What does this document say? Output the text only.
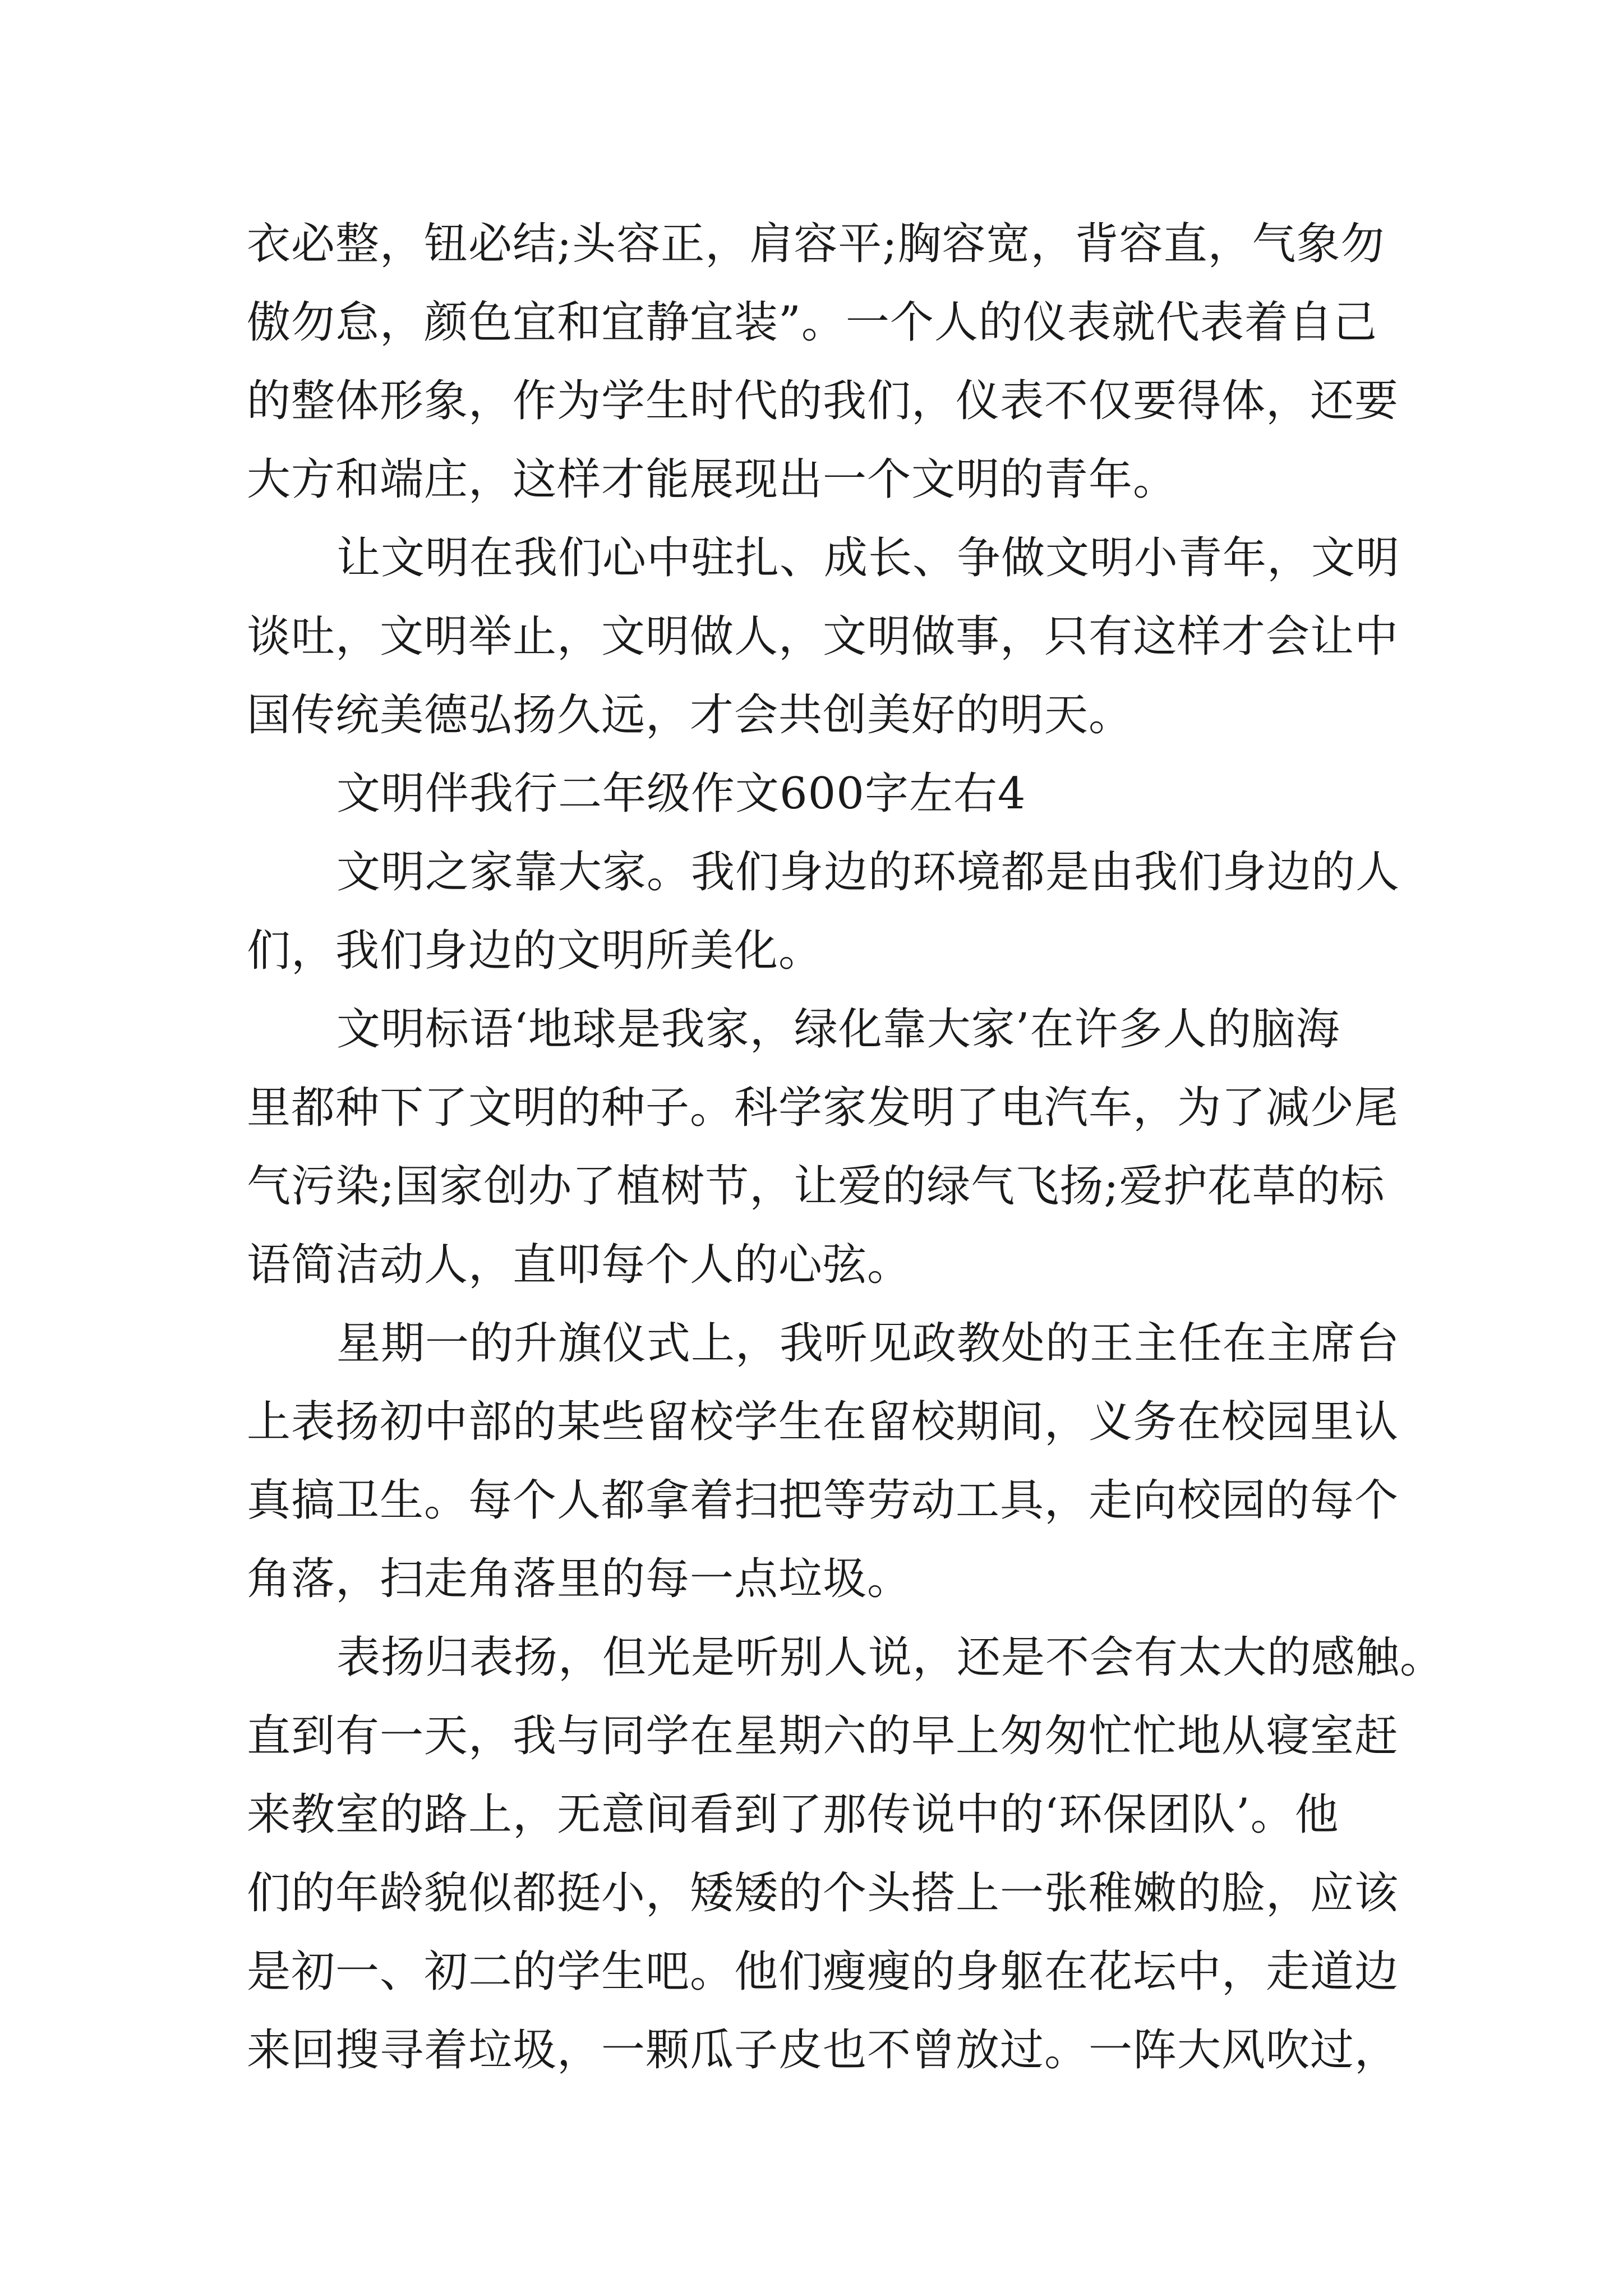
衣必整，钮必结;头容正，肩容平;胸容宽，背容直，气象勿
傲勿怠，颜色宜和宜静宜装”。一个人的仪表就代表着自己
的整体形象，作为学生时代的我们，仪表不仅要得体，还要
大方和端庄，这样才能展现出一个文明的青年。
让文明在我们心中驻扎、成长、争做文明小青年，文明
谈吐，文明举止，文明做人，文明做事，只有这样才会让中
国传统美德弘扬久远，才会共创美好的明天。
文明伴我行二年级作文600字左右4
文明之家靠大家。我们身边的环境都是由我们身边的人
们，我们身边的文明所美化。
文明标语‘地球是我家，绿化靠大家’在许多人的脑海
里都种下了文明的种子。科学家发明了电汽车，为了减少尾
气污染;国家创办了植树节，让爱的绿气飞扬;爱护花草的标
语简洁动人，直叩每个人的心弦。
星期一的升旗仪式上，我听见政教处的王主任在主席台
上表扬初中部的某些留校学生在留校期间，义务在校园里认
真搞卫生。每个人都拿着扫把等劳动工具，走向校园的每个
角落，扫走角落里的每一点垃圾。
表扬归表扬，但光是听别人说，还是不会有太大的感触。
直到有一天，我与同学在星期六的早上匆匆忙忙地从寝室赶
来教室的路上，无意间看到了那传说中的‘环保团队’。他
们的年龄貌似都挺小，矮矮的个头搭上一张稚嫩的脸，应该
是初一、初二的学生吧。他们瘦瘦的身躯在花坛中，走道边
来回搜寻着垃圾，一颗瓜子皮也不曾放过。一阵大风吹过，
